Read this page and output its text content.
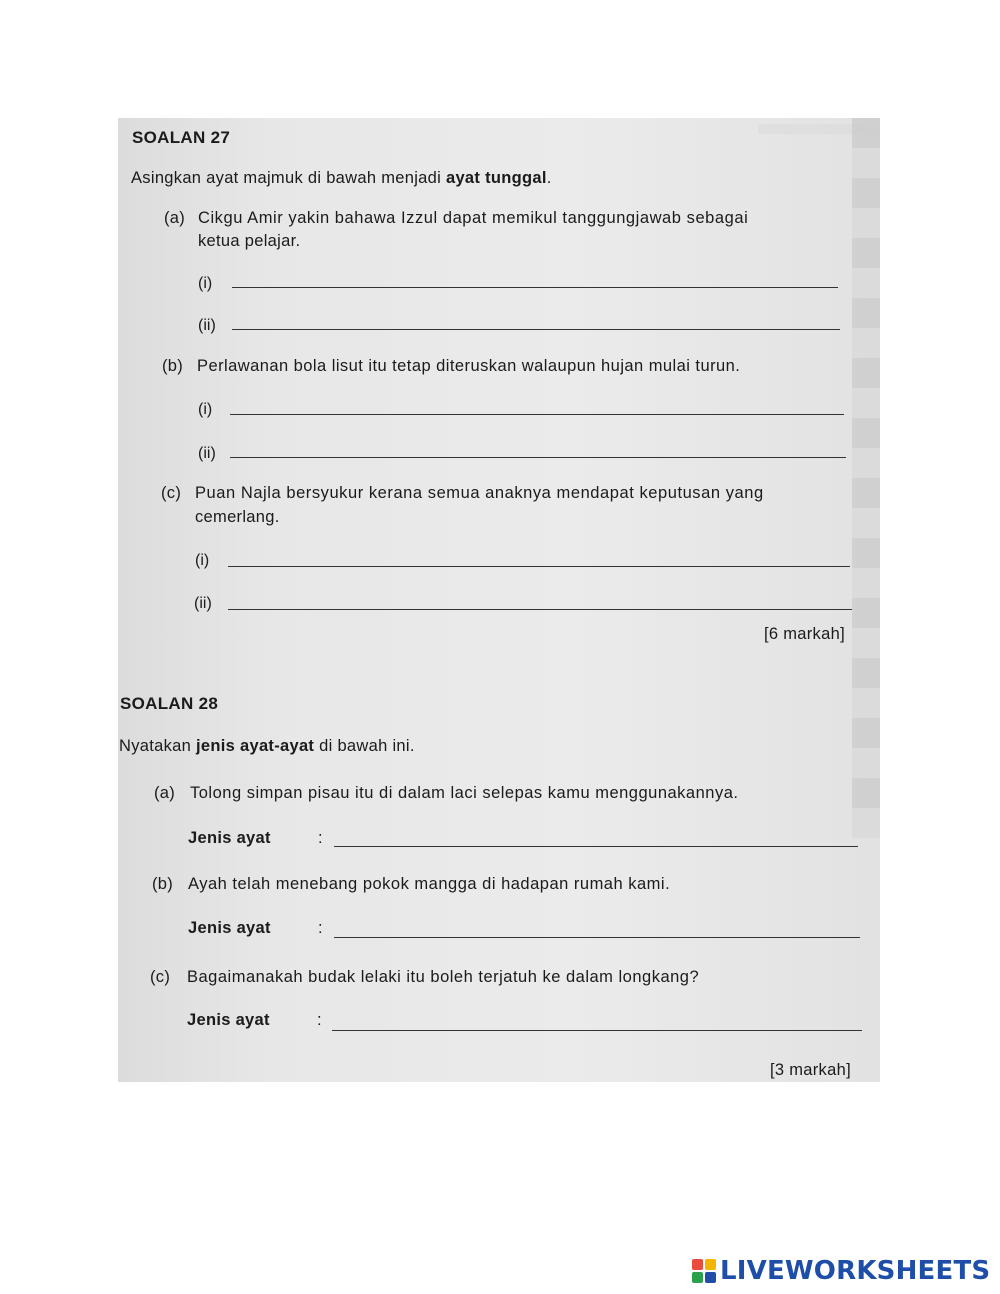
SOALAN 27
Asingkan ayat majmuk di bawah menjadi ayat tunggal.
(a) Cikgu Amir yakin bahawa Izzul dapat memikul tanggungjawab sebagai
ketua pelajar.
(i)
(ii)
(b) Perlawanan bola lisut itu tetap diteruskan walaupun hujan mulai turun.
(i)
(ii)
(c) Puan Najla bersyukur kerana semua anaknya mendapat keputusan yang
cemerlang.
(i)
(ii)
[6 markah]
SOALAN 28
Nyatakan jenis ayat-ayat di bawah ini.
(a) Tolong simpan pisau itu di dalam laci selepas kamu menggunakannya.
Jenis ayat	:
(b) Ayah telah menebang pokok mangga di hadapan rumah kami.
Jenis ayat	:
(c) Bagaimanakah budak lelaki itu boleh terjatuh ke dalam longkang?
Jenis ayat	:
[3 markah]
LIVEWORKSHEETS
